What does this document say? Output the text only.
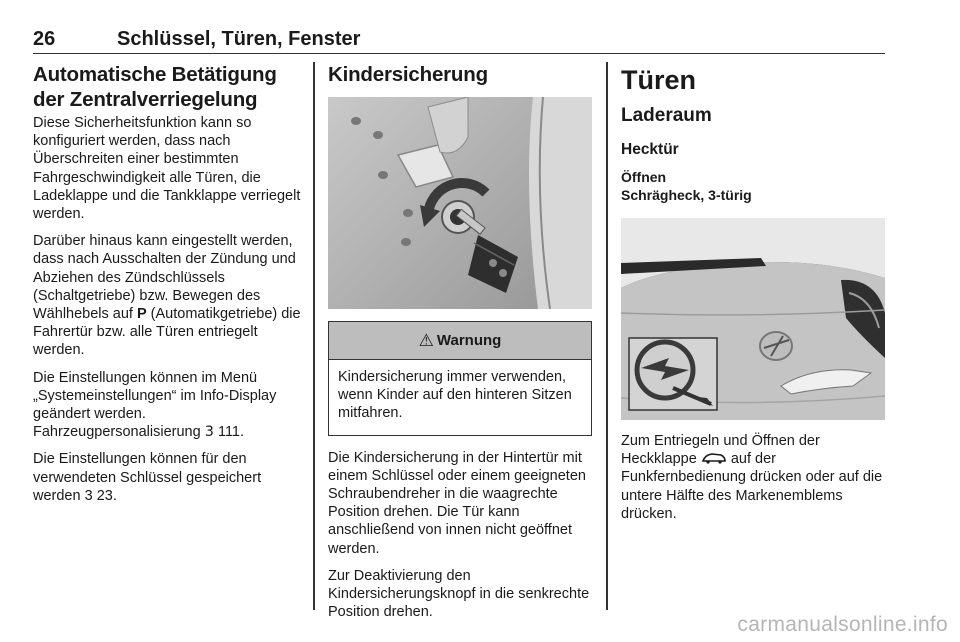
26	Schlüssel, Türen, Fenster
Automatische Betätigung der Zentralverriegelung

Diese Sicherheitsfunktion kann so konfiguriert werden, dass nach Überschreiten einer bestimmten Fahrgeschwindigkeit alle Türen, die Ladeklappe und die Tankklappe verriegelt werden.

Darüber hinaus kann eingestellt werden, dass nach Ausschalten der Zündung und Abziehen des Zündschlüssels (Schaltgetriebe) bzw. Bewegen des Wählhebels auf P (Automatikgetriebe) die Fahrertür bzw. alle Türen entriegelt werden.

Die Einstellungen können im Menü „Systemeinstellungen“ im Info-Display geändert werden. Fahrzeugpersonalisierung 3 111.

Die Einstellungen können für den verwendeten Schlüssel gespeichert werden 3 23.

Kindersicherung
⚠ Warnung
Kindersicherung immer verwenden, wenn Kinder auf den hinteren Sitzen mitfahren.

Die Kindersicherung in der Hintertür mit einem Schlüssel oder einem geeigneten Schraubendreher in die waagrechte Position drehen. Die Tür kann anschließend von innen nicht geöffnet werden.

Zur Deaktivierung den Kindersicherungsknopf in die senkrechte Position drehen.

Türen
Laderaum
Hecktür
Öffnen
Schrägheck, 3-türig

Zum Entriegeln und Öffnen der Heckklappe  auf der Funkfernbedienung drücken oder auf die untere Hälfte des Markenemblems drücken.

carmanualsonline.info
